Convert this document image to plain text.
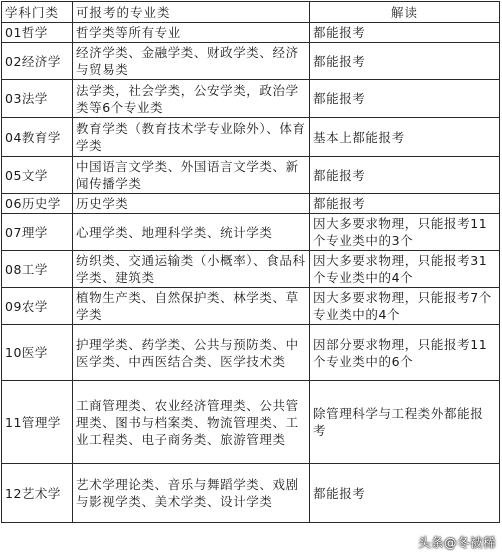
学科门类	可报考的专业类	解读
01哲学	哲学类等所有专业	都能报考
02经济学	经济学类、金融学类、财政学类、经济与贸易类	都能报考
03法学	法学类，社会学类，公安学类，政治学类等6个专业类	都能报考
04教育学	教育学类（教育技术学专业除外）、体育学类	基本上都能报考
05文学	中国语言文学类、外国语言文学类、新闻传播学类	都能报考
06历史学	历史学类	都能报考
07理学	心理学类、地理科学类、统计学类	因大多要求物理，只能报考11个专业类中的3个
08工学	纺织类、交通运输类（小概率）、食品科学类、建筑类	因大多要求物理，只能报考31个专业类中的4个
09农学	植物生产类、自然保护类、林学类、草学类	因大多要求物理，只能报考7个专业类中的4个
10医学	护理学类、药学类、公共与预防类、中医学类、中西医结合类、医学技术类	因部分要求物理，只能报考11个专业类中的6个
11管理学	工商管理类、农业经济管理类、公共管理类、图书与档案类、物流管理类、工业工程类、电子商务类、旅游管理类	除管理科学与工程类外都能报考
12艺术学	艺术学理论类、音乐与舞蹈学类、戏剧与影视学类、美术学类、设计学类	都能报考
头条@冬被稀
